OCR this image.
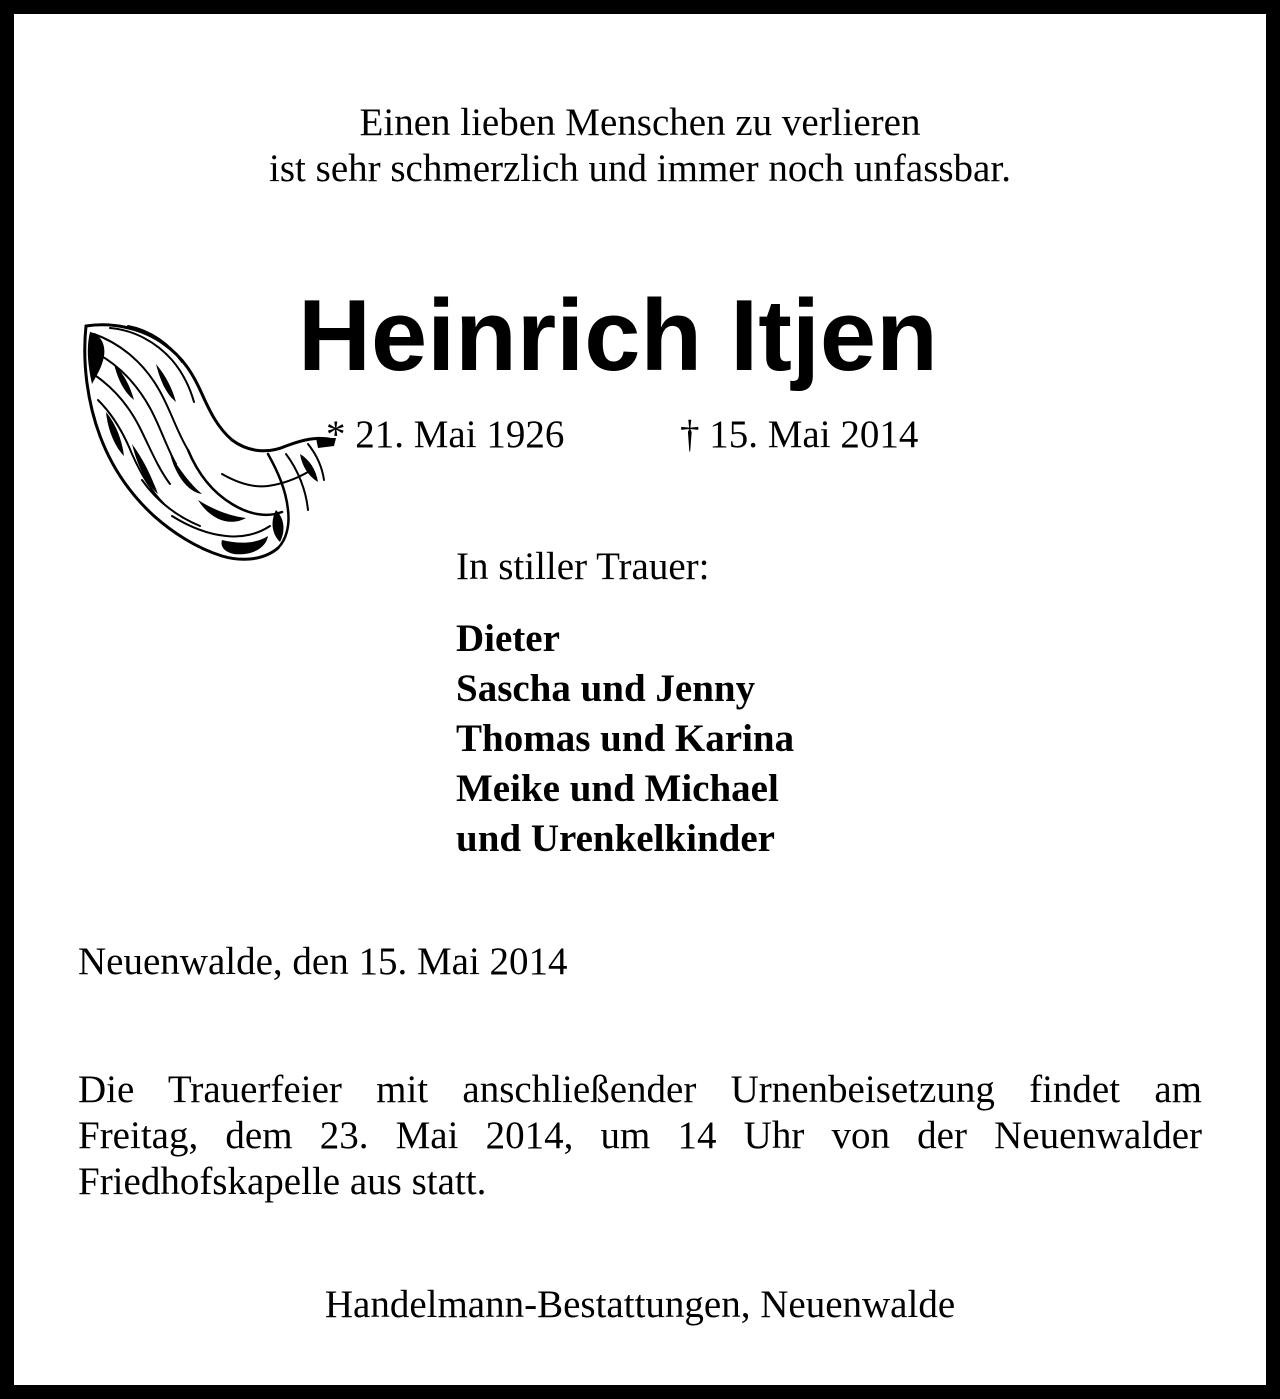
Einen lieben Menschen zu verlieren
ist sehr schmerzlich und immer noch unfassbar.
Heinrich Itjen
* 21. Mai 1926	† 15. Mai 2014
In stiller Trauer:
Dieter
Sascha und Jenny
Thomas und Karina
Meike und Michael
und Urenkelkinder
Neuenwalde, den 15. Mai 2014
Die Trauerfeier mit anschließender Urnenbeisetzung findet am
Freitag, dem 23. Mai 2014, um 14 Uhr von der Neuenwalder
Friedhofskapelle aus statt.
Handelmann-Bestattungen, Neuenwalde
